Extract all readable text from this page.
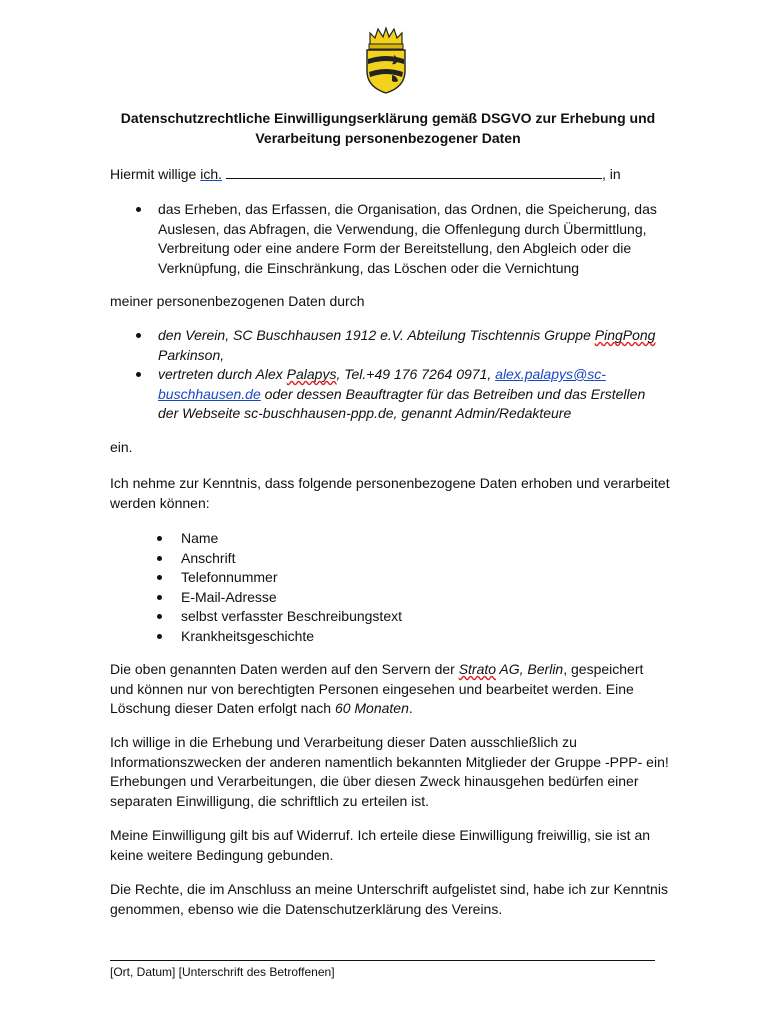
Datenschutzrechtliche Einwilligungserklärung gemäß DSGVO zur Erhebung und Verarbeitung personenbezogener Daten

Hiermit willige ich.	, in

das Erheben, das Erfassen, die Organisation, das Ordnen, die Speicherung, das Auslesen, das Abfragen, die Verwendung, die Offenlegung durch Übermittlung, Verbreitung oder eine andere Form der Bereitstellung, den Abgleich oder die Verknüpfung, die Einschränkung, das Löschen oder die Vernichtung

meiner personenbezogenen Daten durch

den Verein, SC Buschhausen 1912 e.V. Abteilung Tischtennis Gruppe PingPong Parkinson,
vertreten durch Alex Palapys, Tel.+49 176 7264 0971, alex.palapys@sc-buschhausen.de oder dessen Beauftragter für das Betreiben und das Erstellen der Webseite sc-buschhausen-ppp.de, genannt Admin/Redakteure

ein.

Ich nehme zur Kenntnis, dass folgende personenbezogene Daten erhoben und verarbeitet werden können:

Name
Anschrift
Telefonnummer
E-Mail-Adresse
selbst verfasster Beschreibungstext
Krankheitsgeschichte

Die oben genannten Daten werden auf den Servern der Strato AG, Berlin, gespeichert und können nur von berechtigten Personen eingesehen und bearbeitet werden. Eine Löschung dieser Daten erfolgt nach 60 Monaten.

Ich willige in die Erhebung und Verarbeitung dieser Daten ausschließlich zu Informationszwecken der anderen namentlich bekannten Mitglieder der Gruppe -PPP- ein! Erhebungen und Verarbeitungen, die über diesen Zweck hinausgehen bedürfen einer separaten Einwilligung, die schriftlich zu erteilen ist.

Meine Einwilligung gilt bis auf Widerruf. Ich erteile diese Einwilligung freiwillig, sie ist an keine weitere Bedingung gebunden.

Die Rechte, die im Anschluss an meine Unterschrift aufgelistet sind, habe ich zur Kenntnis genommen, ebenso wie die Datenschutzerklärung des Vereins.

[Ort, Datum] [Unterschrift des Betroffenen]
